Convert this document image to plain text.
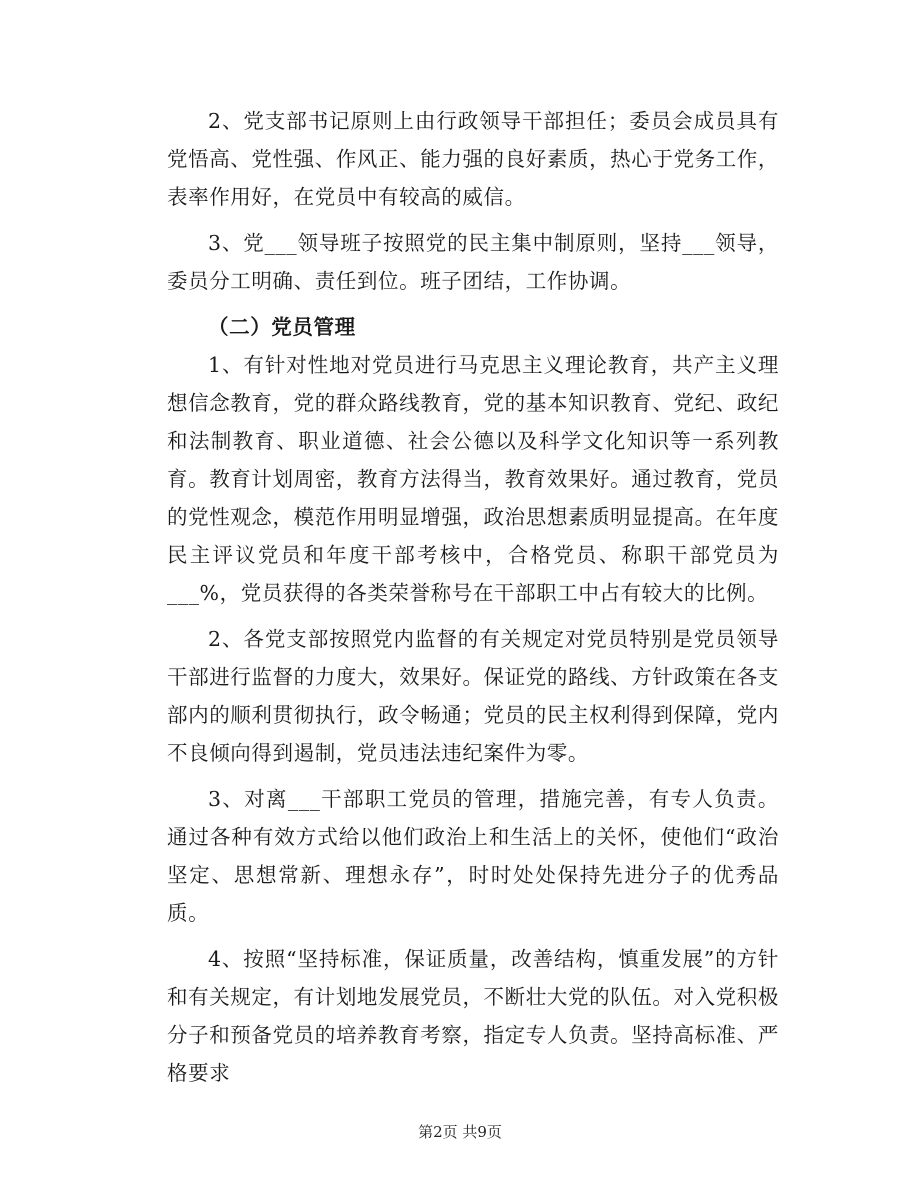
2、党支部书记原则上由行政领导干部担任；委员会成员具有党悟高、党性强、作风正、能力强的良好素质，热心于党务工作，表率作用好，在党员中有较高的威信。

3、党___领导班子按照党的民主集中制原则，坚持___领导，委员分工明确、责任到位。班子团结，工作协调。

（二）党员管理

1、有针对性地对党员进行马克思主义理论教育，共产主义理想信念教育，党的群众路线教育，党的基本知识教育、党纪、政纪和法制教育、职业道德、社会公德以及科学文化知识等一系列教育。教育计划周密，教育方法得当，教育效果好。通过教育，党员的党性观念，模范作用明显增强，政治思想素质明显提高。在年度民主评议党员和年度干部考核中，合格党员、称职干部党员为___%，党员获得的各类荣誉称号在干部职工中占有较大的比例。

2、各党支部按照党内监督的有关规定对党员特别是党员领导干部进行监督的力度大，效果好。保证党的路线、方针政策在各支部内的顺利贯彻执行，政令畅通；党员的民主权利得到保障，党内不良倾向得到遏制，党员违法违纪案件为零。

3、对离___干部职工党员的管理，措施完善，有专人负责。通过各种有效方式给以他们政治上和生活上的关怀，使他们“政治坚定、思想常新、理想永存”，时时处处保持先进分子的优秀品质。

4、按照“坚持标准，保证质量，改善结构，慎重发展”的方针和有关规定，有计划地发展党员，不断壮大党的队伍。对入党积极分子和预备党员的培养教育考察，指定专人负责。坚持高标准、严格要求

第2页 共9页
